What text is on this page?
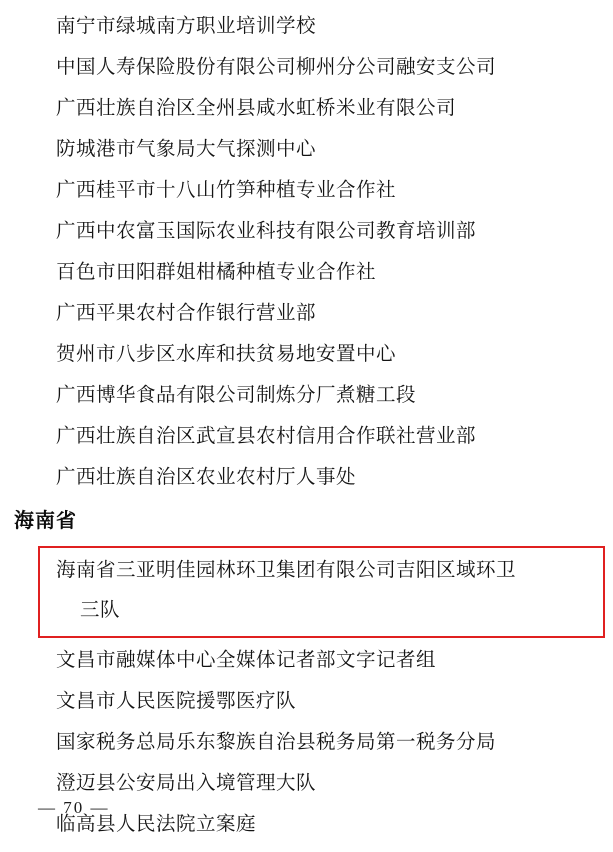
南宁市绿城南方职业培训学校
中国人寿保险股份有限公司柳州分公司融安支公司
广西壮族自治区全州县咸水虹桥米业有限公司
防城港市气象局大气探测中心
广西桂平市十八山竹笋种植专业合作社
广西中农富玉国际农业科技有限公司教育培训部
百色市田阳群姐柑橘种植专业合作社
广西平果农村合作银行营业部
贺州市八步区水库和扶贫易地安置中心
广西博华食品有限公司制炼分厂煮糖工段
广西壮族自治区武宣县农村信用合作联社营业部
广西壮族自治区农业农村厅人事处
海南省
海南省三亚明佳园林环卫集团有限公司吉阳区域环卫
三队
文昌市融媒体中心全媒体记者部文字记者组
文昌市人民医院援鄂医疗队
国家税务总局乐东黎族自治县税务局第一税务分局
澄迈县公安局出入境管理大队
临高县人民法院立案庭
— 70 —
